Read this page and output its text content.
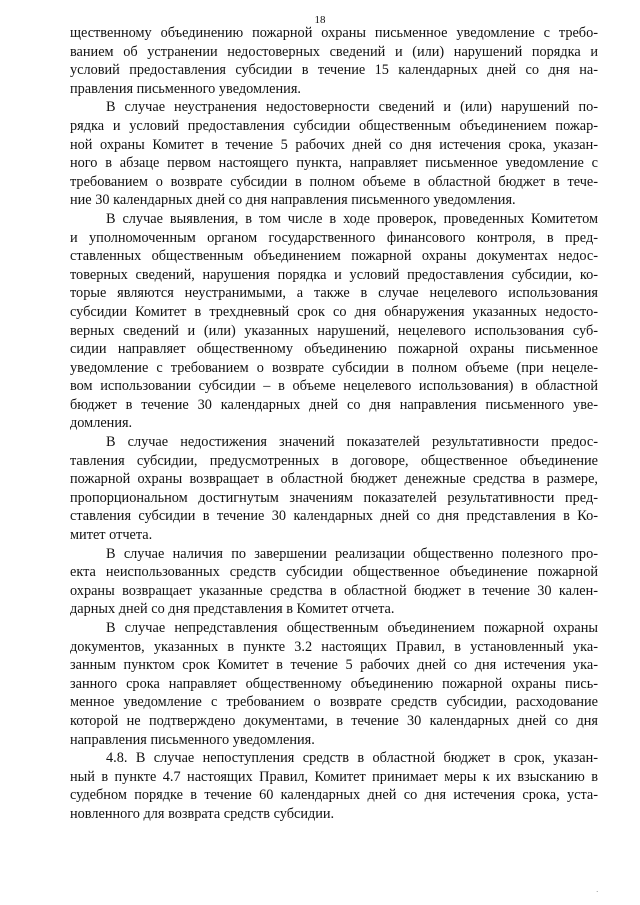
18
щественному объединению пожарной охраны письменное уведомление с требо-
ванием об устранении недостоверных сведений и (или) нарушений порядка и
условий предоставления субсидии в течение 15 календарных дней со дня на-
правления письменного уведомления.
В случае неустранения недостоверности сведений и (или) нарушений по-
рядка и условий предоставления субсидии общественным объединением пожар-
ной охраны Комитет в течение 5 рабочих дней со дня истечения срока, указан-
ного в абзаце первом настоящего пункта, направляет письменное уведомление с
требованием о возврате субсидии в полном объеме в областной бюджет в тече-
ние 30 календарных дней со дня направления письменного уведомления.
В случае выявления, в том числе в ходе проверок, проведенных Комитетом
и уполномоченным органом государственного финансового контроля, в пред-
ставленных общественным объединением пожарной охраны документах недос-
товерных сведений, нарушения порядка и условий предоставления субсидии, ко-
торые являются неустранимыми, а также в случае нецелевого использования
субсидии Комитет в трехдневный срок со дня обнаружения указанных недосто-
верных сведений и (или) указанных нарушений, нецелевого использования суб-
сидии направляет общественному объединению пожарной охраны письменное
уведомление с требованием о возврате субсидии в полном объеме (при нецеле-
вом использовании субсидии – в объеме нецелевого использования) в областной
бюджет в течение 30 календарных дней со дня направления письменного уве-
домления.
В случае недостижения значений показателей результативности предос-
тавления субсидии, предусмотренных в договоре, общественное объединение
пожарной охраны возвращает в областной бюджет денежные средства в размере,
пропорциональном достигнутым значениям показателей результативности пред-
ставления субсидии в течение 30 календарных дней со дня представления в Ко-
митет отчета.
В случае наличия по завершении реализации общественно полезного про-
екта неиспользованных средств субсидии общественное объединение пожарной
охраны возвращает указанные средства в областной бюджет в течение 30 кален-
дарных дней со дня представления в Комитет отчета.
В случае непредставления общественным объединением пожарной охраны
документов, указанных в пункте 3.2 настоящих Правил, в установленный ука-
занным пунктом срок Комитет в течение 5 рабочих дней со дня истечения ука-
занного срока направляет общественному объединению пожарной охраны пись-
менное уведомление с требованием о возврате средств субсидии, расходование
которой не подтверждено документами, в течение 30 календарных дней со дня
направления письменного уведомления.
4.8. В случае непоступления средств в областной бюджет в срок, указан-
ный в пункте 4.7 настоящих Правил, Комитет принимает меры к их взысканию в
судебном порядке в течение 60 календарных дней со дня истечения срока, уста-
новленного для возврата средств субсидии.
·
